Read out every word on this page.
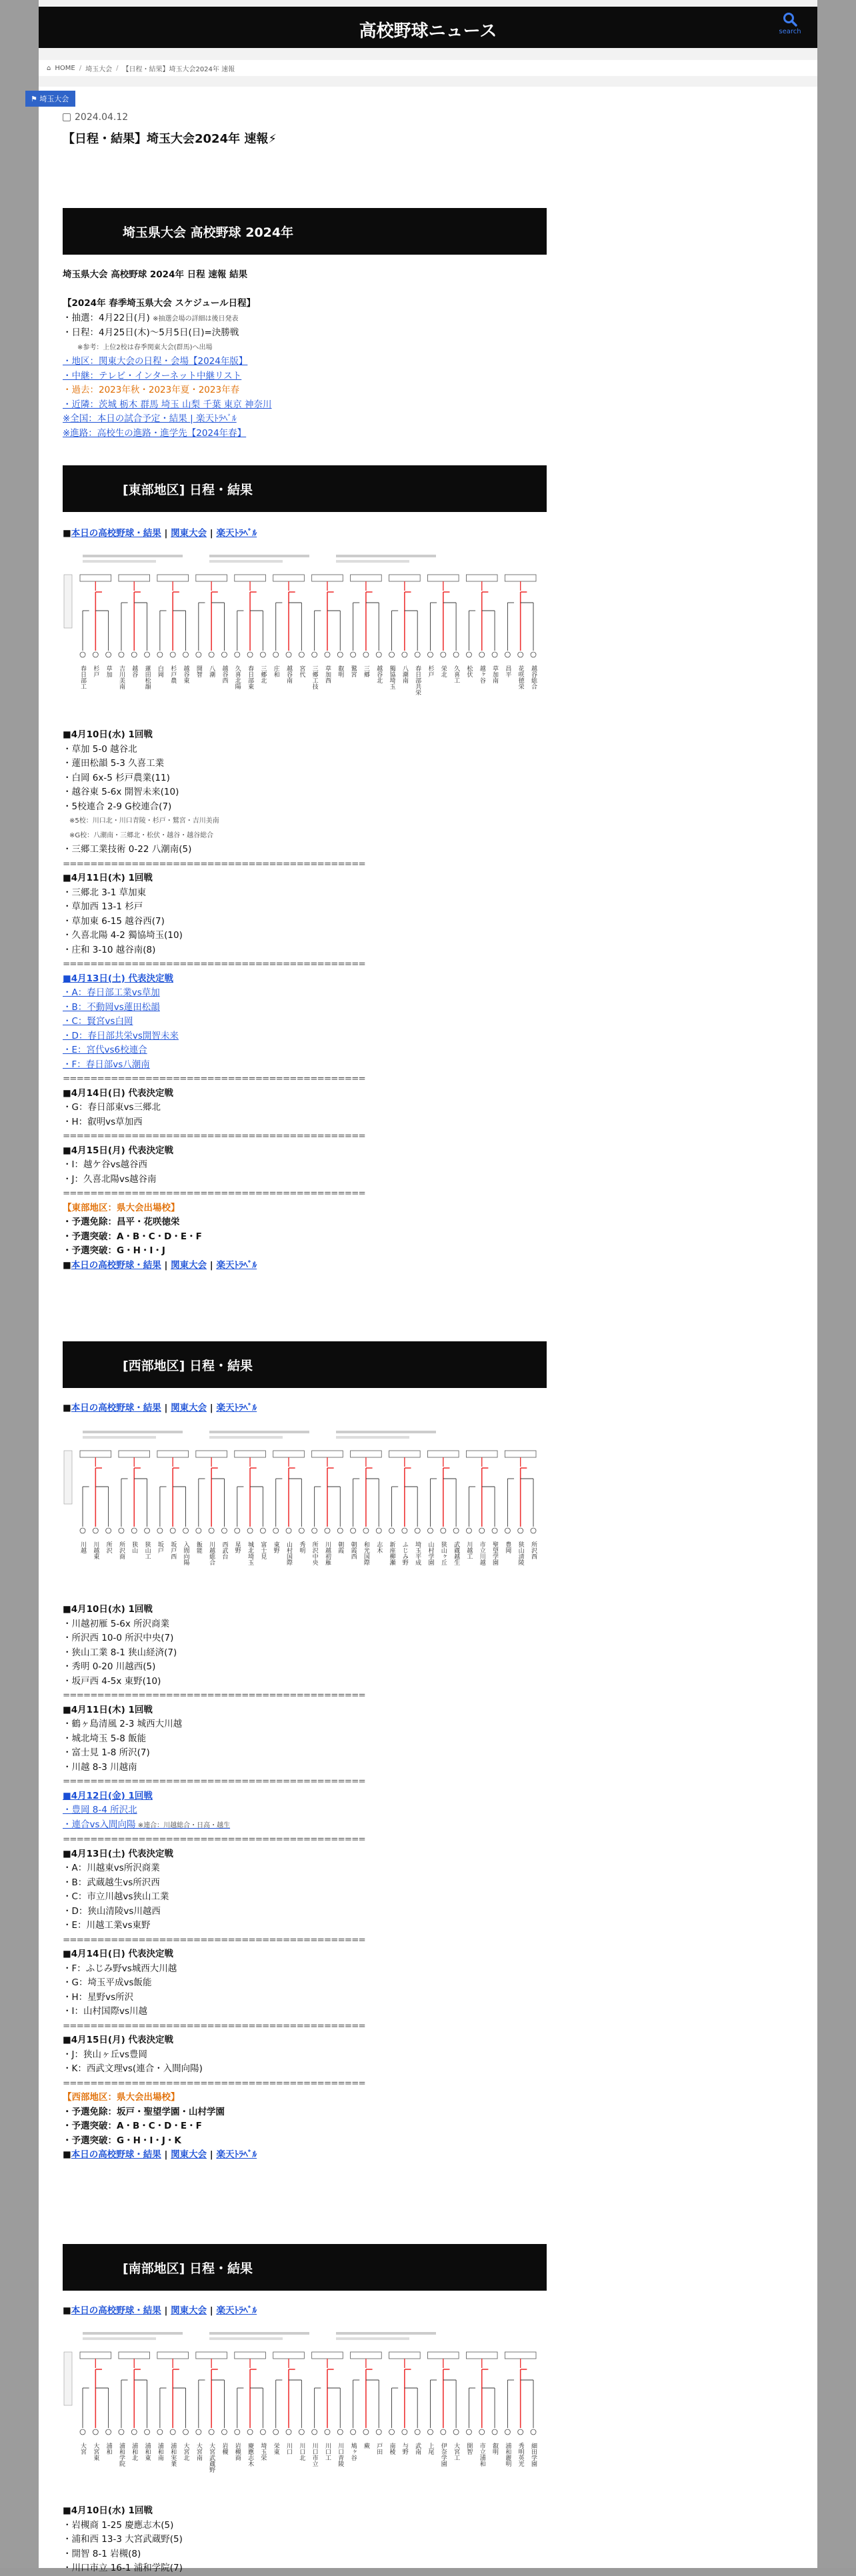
高校野球ニュース	search
⌂ HOME / 埼玉大会 / 【日程・結果】埼玉大会2024年 速報
⚑ 埼玉大会
2024.04.12
【日程・結果】埼玉大会2024年 速報⚡
埼玉県大会 高校野球 2024年
埼玉県大会 高校野球 2024年 日程 速報 結果

【2024年 春季埼玉県大会 スケジュール日程】
・抽選：4月22日(月) ※抽選会場の詳細は後日発表
・日程：4月25日(木)〜5月5日(日)=決勝戦
※参考：上位2校は春季関東大会(群馬)へ出場
・地区：関東大会の日程・会場【2024年版】
・中継：テレビ・インターネット中継リスト
・過去：2023年秋・2023年夏・2023年春
・近隣：茨城 栃木 群馬 埼玉 山梨 千葉 東京 神奈川
※全国：本日の試合予定・結果 | 楽天ﾄﾗﾍﾞﾙ
※進路：高校生の進路・進学先【2024年春】
[東部地区] 日程・結果
■本日の高校野球・結果 | 関東大会 | 楽天ﾄﾗﾍﾞﾙ
春日部工 杉戸 草加 吉川美南 越谷 蓮田松韻 白岡 杉戸農 越谷東 開智 八潮 越谷西 久喜北陽 春日部東 三郷北 庄和 越谷南 宮代 三郷工技 草加西 叡明 鷲宮 三郷 越谷北 獨協埼玉 八潮南 春日部共栄 杉戸 栄北 久喜工 松伏 越ヶ谷 草加南 昌平 花咲徳栄 越谷総合
■4月10日(水) 1回戦
・草加 5-0 越谷北
・蓮田松韻 5-3 久喜工業
・白岡 6x-5 杉戸農業(11)
・越谷東 5-6x 開智未来(10)
・5校連合 2-9 G校連合(7)
※5校：川口北・川口青陵・杉戸・鷲宮・吉川美南
※G校：八潮南・三郷北・松伏・越谷・越谷総合
・三郷工業技術 0-22 八潮南(5)
============================================
■4月11日(木) 1回戦
・三郷北 3-1 草加東
・草加西 13-1 杉戸
・草加東 6-15 越谷西(7)
・久喜北陽 4-2 獨協埼玉(10)
・庄和 3-10 越谷南(8)
============================================
■4月13日(土) 代表決定戦
・A：春日部工業vs草加
・B：不動岡vs蓮田松韻
・C：賢宮vs白岡
・D：春日部共栄vs開智未来
・E：宮代vs6校連合
・F：春日部vs八潮南
============================================
■4月14日(日) 代表決定戦
・G：春日部東vs三郷北
・H：叡明vs草加西
============================================
■4月15日(月) 代表決定戦
・I：越ケ谷vs越谷西
・J：久喜北陽vs越谷南
============================================
【東部地区：県大会出場校】
・予選免除：昌平・花咲徳栄
・予選突破：A・B・C・D・E・F
・予選突破：G・H・I・J
■本日の高校野球・結果 | 関東大会 | 楽天ﾄﾗﾍﾞﾙ
[西部地区] 日程・結果
■本日の高校野球・結果 | 関東大会 | 楽天ﾄﾗﾍﾞﾙ
川越 川越東 所沢 所沢商 狭山 狭山工 坂戸 坂戸西 入間向陽 飯能 川越総合 西武台 星野 城北埼玉 富士見 東野 山村国際 秀明 所沢中央 川越初雁 朝霞 朝霞西 和光国際 志木 新座柳瀬 ふじみ野 埼玉平成 山村学園 狭山ヶ丘 武蔵越生 川越工 市立川越 聖望学園 豊岡 狭山清陵 所沢西
■4月10日(水) 1回戦
・川越初雁 5-6x 所沢商業
・所沢西 10-0 所沢中央(7)
・狭山工業 8-1 狭山経済(7)
・秀明 0-20 川越西(5)
・坂戸西 4-5x 東野(10)
============================================
■4月11日(木) 1回戦
・鶴ヶ島清風 2-3 城西大川越
・城北埼玉 5-8 飯能
・富士見 1-8 所沢(7)
・川越 8-3 川越南
============================================
■4月12日(金) 1回戦
・豊岡 8-4 所沢北
・連合vs入間向陽 ※連合：川越総合・日高・越生
============================================
■4月13日(土) 代表決定戦
・A：川越東vs所沢商業
・B：武蔵越生vs所沢西
・C：市立川越vs狭山工業
・D：狭山清陵vs川越西
・E：川越工業vs東野
============================================
■4月14日(日) 代表決定戦
・F：ふじみ野vs城西大川越
・G：埼玉平成vs飯能
・H：星野vs所沢
・I：山村国際vs川越
============================================
■4月15日(月) 代表決定戦
・J：狭山ヶ丘vs豊岡
・K：西武文理vs(連合・入間向陽)
============================================
【西部地区：県大会出場校】
・予選免除：坂戸・聖望学園・山村学園
・予選突破：A・B・C・D・E・F
・予選突破：G・H・I・J・K
■本日の高校野球・結果 | 関東大会 | 楽天ﾄﾗﾍﾞﾙ
[南部地区] 日程・結果
■本日の高校野球・結果 | 関東大会 | 楽天ﾄﾗﾍﾞﾙ
大宮 大宮東 浦和 浦和学院 浦和北 浦和東 浦和南 浦和実業 大宮北 大宮南 大宮武蔵野 岩槻 岩槻商 慶應志木 埼玉栄 栄東 川口 川口北 川口市立 川口工 川口青陵 鳩ヶ谷 蕨 戸田 南稜 与野 武南 上尾 伊奈学園 大宮工 開智 市立浦和 叡明 浦和麗明 秀明英光 細田学園
■4月10日(水) 1回戦
・岩槻商 1-25 慶應志木(5)
・浦和西 13-3 大宮武蔵野(5)
・開智 8-1 岩槻(8)
・川口市立 16-1 浦和学院(7)
